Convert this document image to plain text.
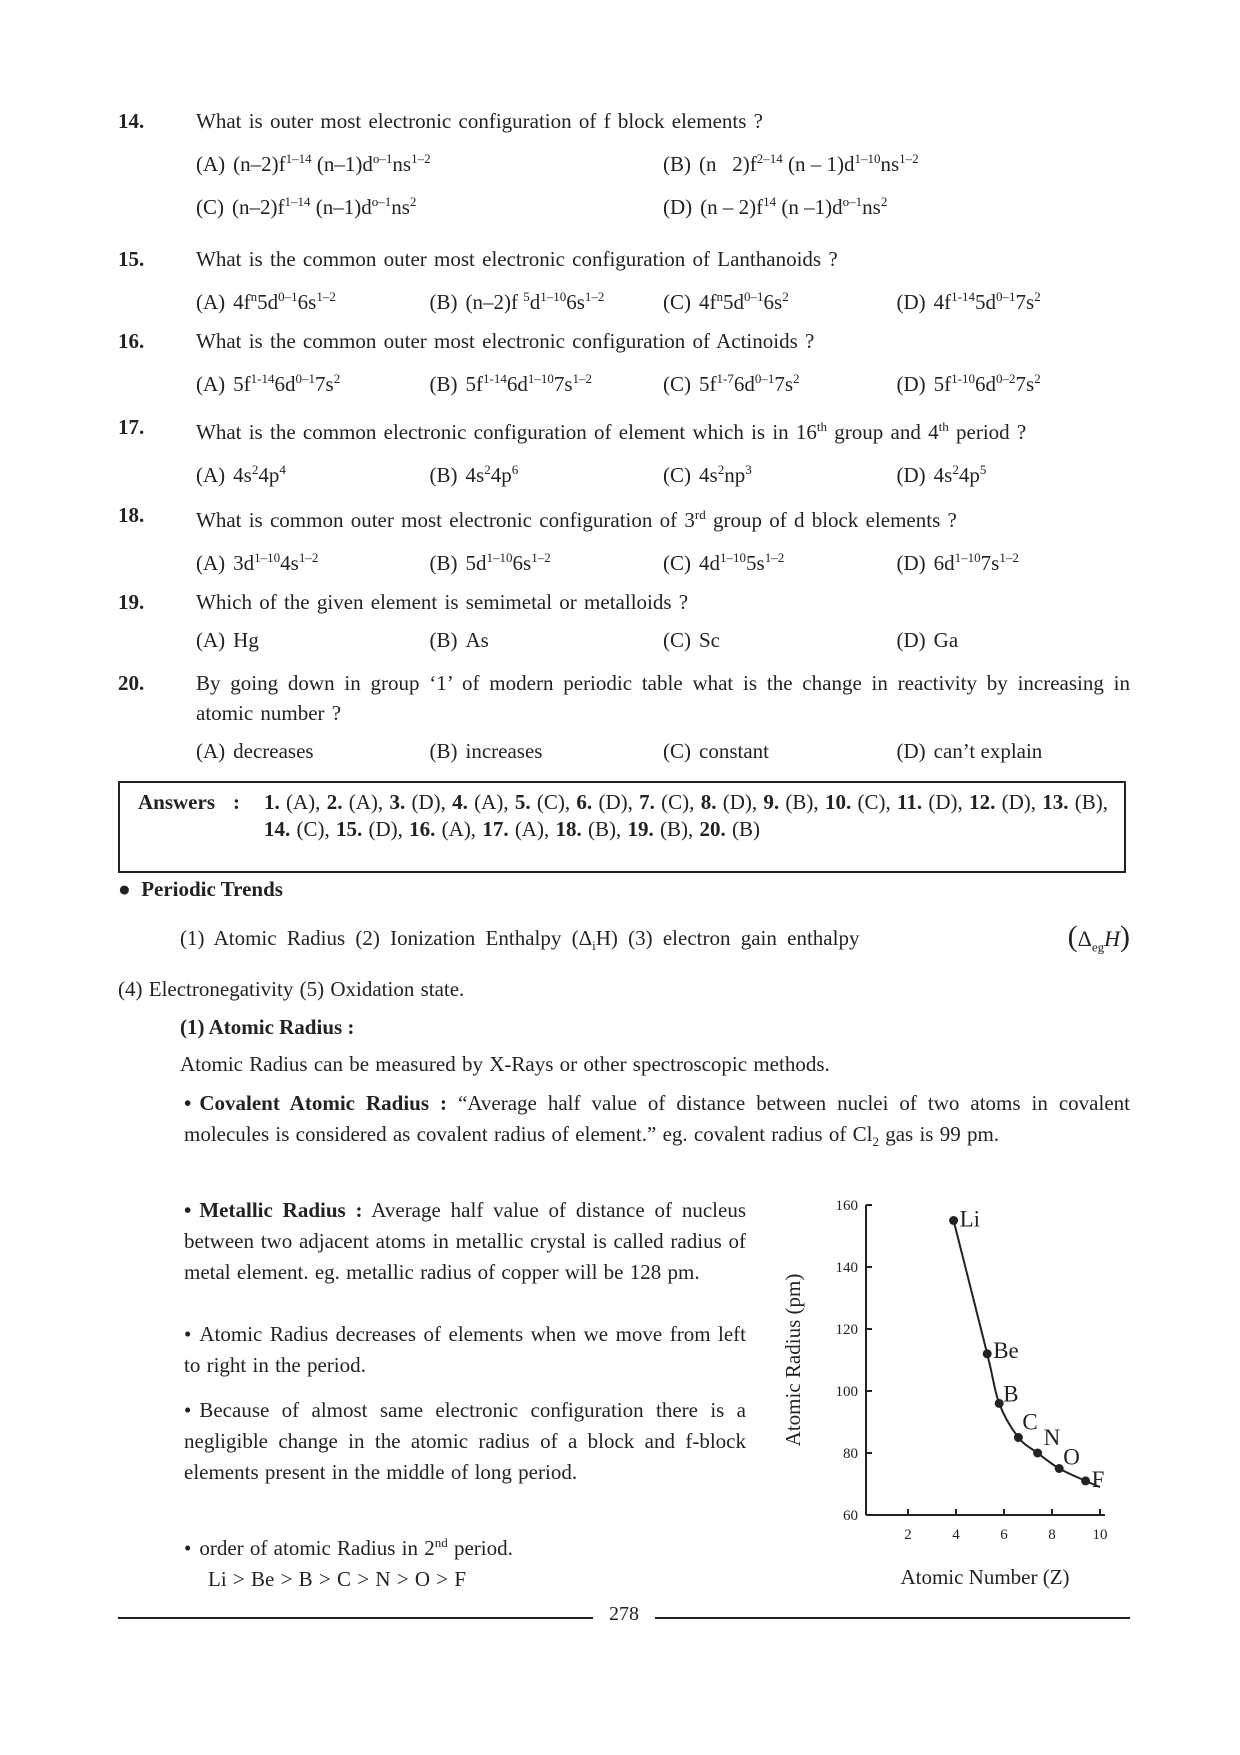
14.	What is outer most electronic configuration of f block elements ?
(A) $(n-2)f^{1-14}$ $(n-1)d^{o-1}ns^{1-2}$	(B) (n   $2)f^{2-14}$ $(n - 1)d^{1-10}ns^{1-2}$
(C) $(n-2)f^{1-14}$ $(n-1)d^{o-1}ns^2$	(D) $(n - 2)f^{14}$ (n $-1)d^{o-1}ns^2$
15.	What is the common outer most electronic configuration of Lanthanoids ?
(A) $4f^n5d^{0-1}6s^{1-2}$	(B) (n–2)f $^5d^{1-10}6s^{1-2}$	(C) $4f^n5d^{0-1}6s^2$	(D) $4f^{1-14}5d^{0-1}7s^2$
16.	What is the common outer most electronic configuration of Actinoids ?
(A) $5f^{1-14}6d^{0-1}7s^2$	(B) $5f^{1-14}6d^{1-10}7s^{1-2}$	(C) $5f^{1-7}6d^{0-1}7s^2$	(D) $5f^{1-10}6d^{0-2}7s^2$
17.	What is the common electronic configuration of element which is in 16th group and 4th period ?
(A) $4s^24p^4$	(B) $4s^24p^6$	(C) $4s^2np^3$	(D) $4s^24p^5$
18.	What is common outer most electronic configuration of 3rd group of d block elements ?
(A) $3d^{1-10}4s^{1-2}$	(B) $5d^{1-10}6s^{1-2}$	(C) $4d^{1-10}5s^{1-2}$	(D) $6d^{1-10}7s^{1-2}$
19.	Which of the given element is semimetal or metalloids ?
(A) Hg	(B) As	(C) Sc	(D) Ga
20.	By going down in group ‘1’ of modern periodic table what is the change in reactivity by increasing in atomic number ?
(A) decreases	(B) increases	(C) constant	(D) can’t explain
Answers :	1. (A), 2. (A), 3. (D), 4. (A), 5. (C), 6. (D), 7. (C), 8. (D), 9. (B), 10. (C), 11. (D), 12. (D), 13. (B), 14. (C), 15. (D), 16. (A), 17. (A), 18. (B), 19. (B), 20. (B)
● Periodic Trends
(1) Atomic Radius (2) Ionization Enthalpy $(\Delta_iH)$ (3) electron gain enthalpy	$(\Delta_{eg}H)$
(4) Electronegativity (5) Oxidation state.
(1) Atomic Radius :
Atomic Radius can be measured by X-Rays or other spectroscopic methods.
• Covalent Atomic Radius : “Average half value of distance between nuclei of two atoms in covalent molecules is considered as covalent radius of element.” eg. covalent radius of $Cl_2$ gas is 99 pm.
• Metallic Radius : Average half value of distance of nucleus between two adjacent atoms in metallic crystal is called radius of metal element. eg. metallic radius of copper will be 128 pm.
• Atomic Radius decreases of elements when we move from left to right in the period.
• Because of almost same electronic configuration there is a negligible change in the atomic radius of a block and f-block elements present in the middle of long period.
• order of atomic Radius in 2nd period.
Li > Be > B > C > N > O > F
60
80
100
120
140
160
2	4	6	8 10
Atomic Radius (pm)
Atomic Number (Z)
Li
Be
B
C
N
O
F
278
